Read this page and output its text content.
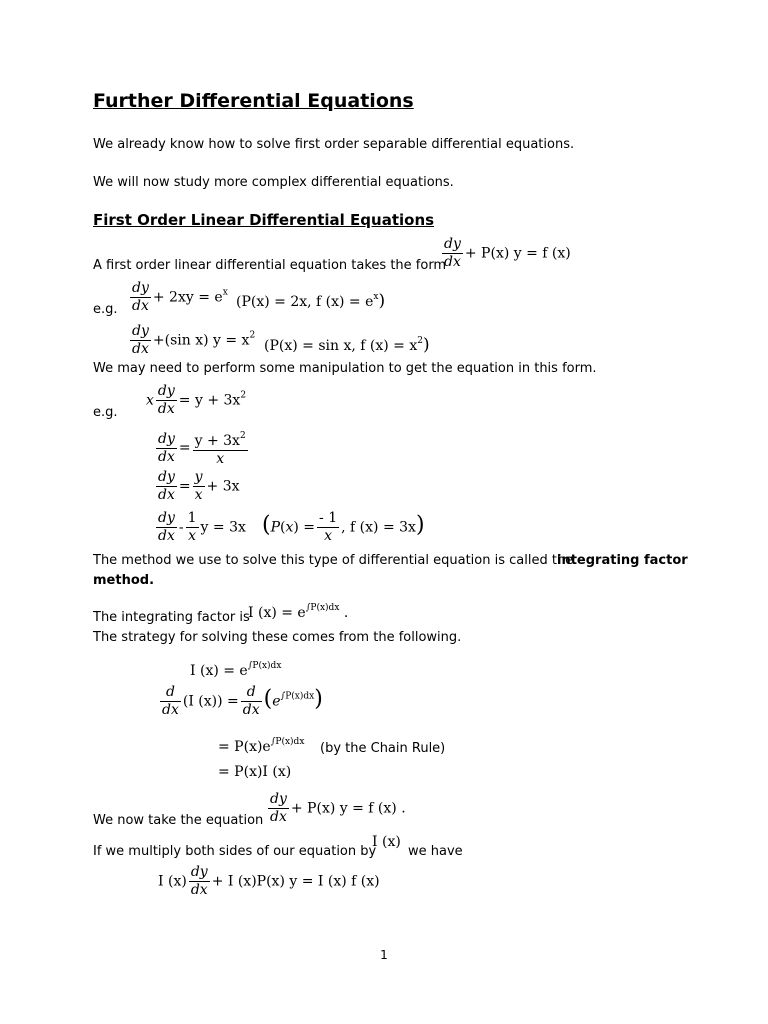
Further Differential Equations
We already know how to solve first order separable differential equations.
We will now study more complex differential equations.
First Order Linear Differential Equations
A first order linear differential equation takes the form
$\frac{dy}{dx} + P(x) y = f$ (x)
e.g. $\frac{dy}{dx} + 2xy = e^x$
(P(x) = 2x, f $(x) = e^x$)
$\frac{dy}{dx} +(\sin$ x) $y = x^2$
(P(x) = sin x, f $(x) = x^2$)
We may need to perform some manipulation to get the equation in this form.
e.g.
x $\frac{dy}{dx} = y + 3x^2$
$\frac{dy}{dx} = \frac{y + 3x^2}{x}$
$\frac{dy}{dx} = \frac{y}{x} + 3x$
$\frac{dy}{dx} - \frac{1}{x}$ y = 3x ($P(x) = \frac{- 1}{x}$ , f (x) = 3x)
The method we use to solve this type of differential equation is called the
integrating factor
method.
The integrating factor is
I $(x) = e^{\int P(x)dx}$ .
The strategy for solving these comes from the following.
I $(x) = e^{\int P(x)dx}$
$\frac{d}{dx} (I$ $(x)) = \frac{d}{dx} (e^{\int P(x)dx})$
= $P(x)e^{\int P(x)dx}$ (by the Chain Rule)
= P(x)I (x)
We now take the equation $\frac{dy}{dx} + P(x) y = f$ (x) .
If we multiply both sides of our equation by
I (x)
we have
I $(x) \frac{dy}{dx} + I$ (x)P(x) y = I (x) f (x)
1
